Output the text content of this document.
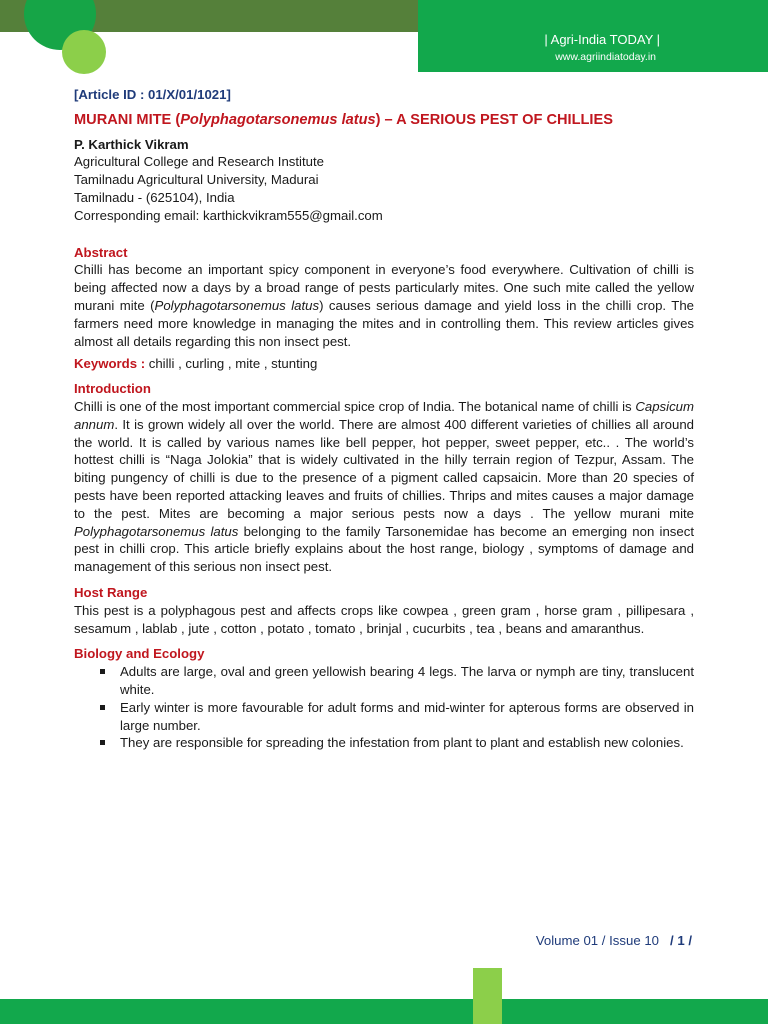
| Agri-India TODAY |
www.agriindiatoday.in
[Article ID : 01/X/01/1021]
MURANI MITE (Polyphagotarsonemus latus) – A SERIOUS PEST OF CHILLIES
P. Karthick Vikram
Agricultural College and Research Institute
Tamilnadu Agricultural University, Madurai
Tamilnadu - (625104), India
Corresponding email: karthickvikram555@gmail.com
Abstract
Chilli has become an important spicy component in everyone’s food everywhere. Cultivation of chilli is being affected now a days by a broad range of pests particularly mites. One such mite called the yellow murani mite (Polyphagotarsonemus latus) causes serious damage and yield loss in the chilli crop. The farmers need more knowledge in managing the mites and in controlling them. This review articles gives almost all details regarding this non insect pest.
Keywords : chilli , curling , mite , stunting
Introduction
Chilli is one of the most important commercial spice crop of India. The botanical name of chilli is Capsicum annum. It is grown widely all over the world. There are almost 400 different varieties of chillies all around the world. It is called by various names like bell pepper, hot pepper, sweet pepper, etc.. . The world’s hottest chilli is “Naga Jolokia” that is widely cultivated in the hilly terrain region of Tezpur, Assam. The biting pungency of chilli is due to the presence of a pigment called capsaicin. More than 20 species of pests have been reported attacking leaves and fruits of chillies. Thrips and mites causes a major damage to the pest. Mites are becoming a major serious pests now a days . The yellow murani mite Polyphagotarsonemus latus belonging to the family Tarsonemidae has become an emerging non insect pest in chilli crop. This article briefly explains about the host range, biology , symptoms of damage and management of this serious non insect pest.
Host Range
This pest is a polyphagous pest and affects crops like cowpea , green gram , horse gram , pillipesara , sesamum , lablab , jute , cotton , potato , tomato , brinjal , cucurbits , tea , beans and amaranthus.
Biology and Ecology
Adults are large, oval and green yellowish bearing 4 legs. The larva or nymph are tiny, translucent white.
Early winter is more favourable for adult forms and mid-winter for apterous forms are observed in large number.
They are responsible for spreading the infestation from plant to plant and establish new colonies.
Volume 01 / Issue 10 / 1 /
